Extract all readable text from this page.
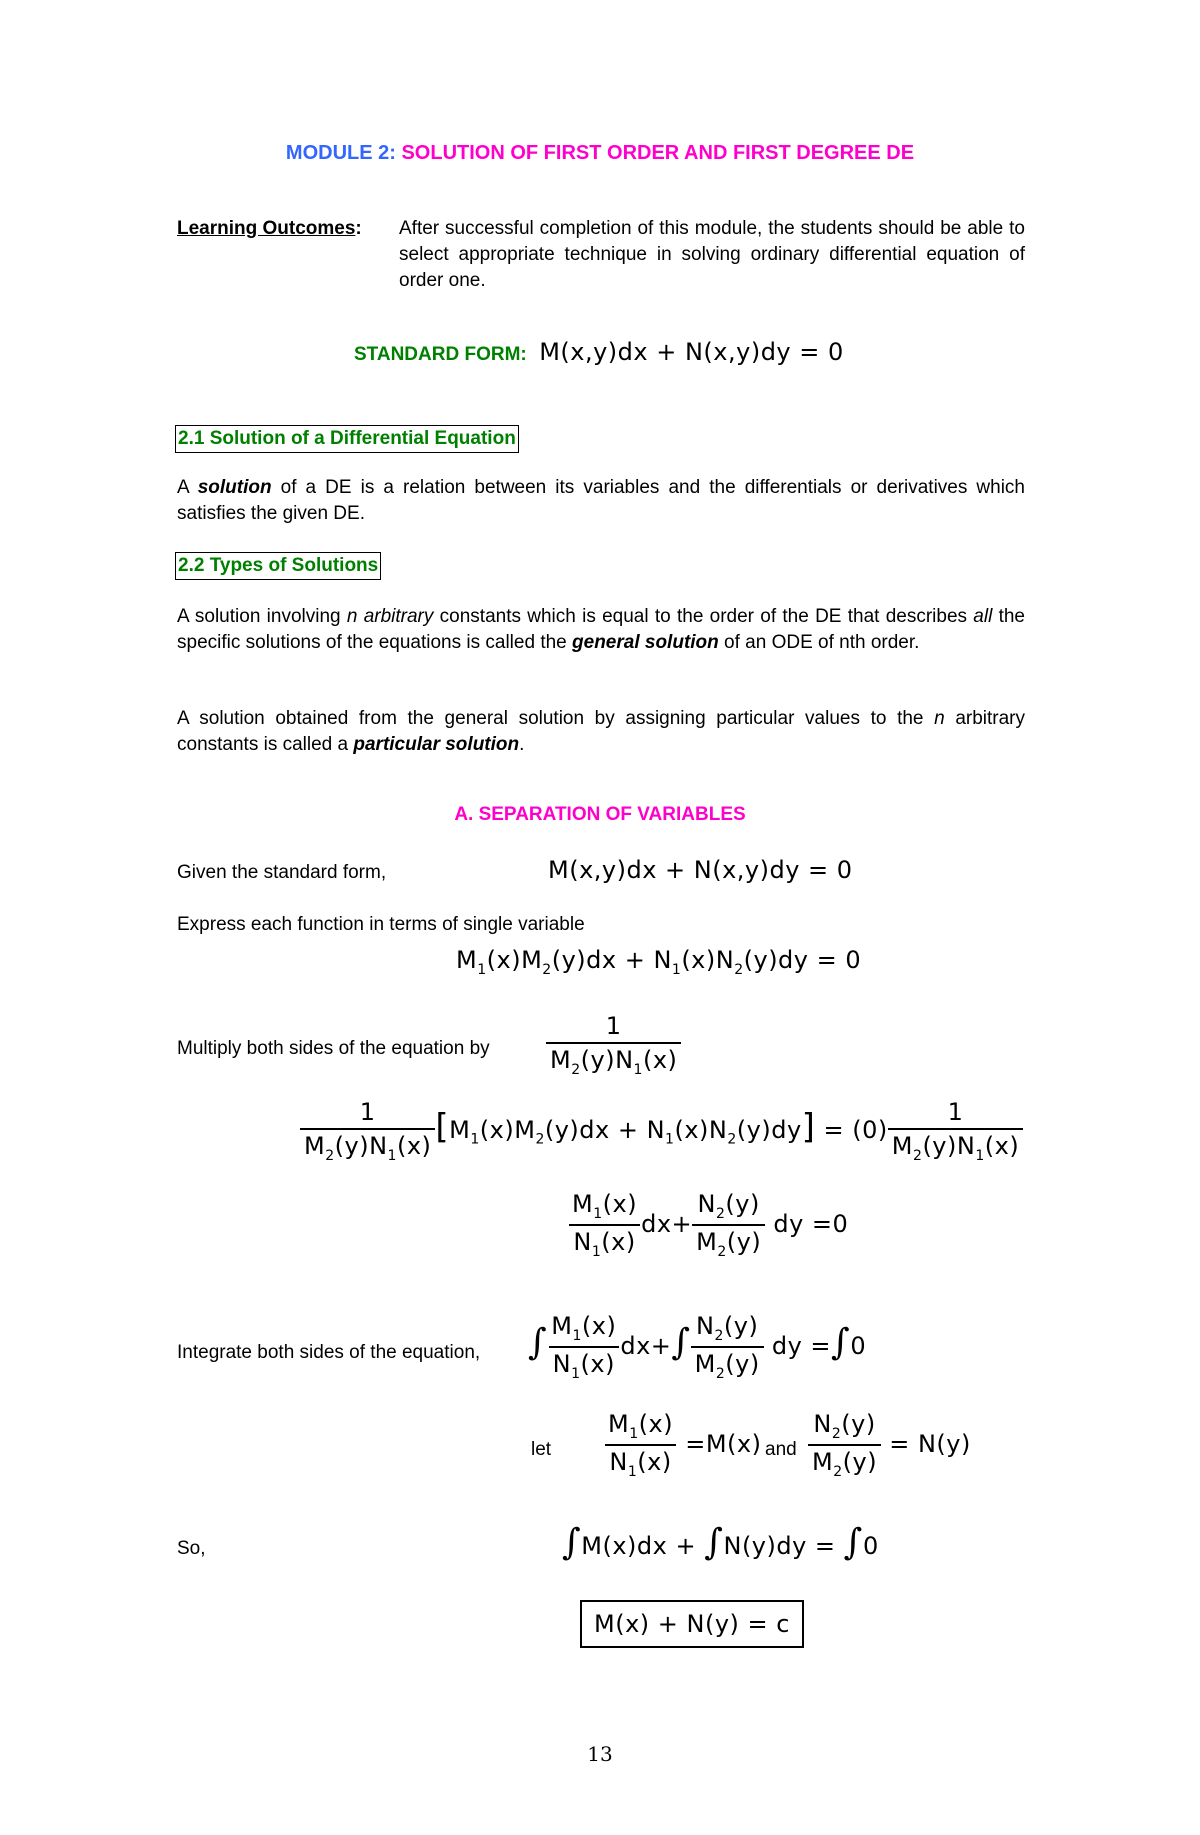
MODULE 2: SOLUTION OF FIRST ORDER AND FIRST DEGREE DE
Learning Outcomes: After successful completion of this module, the students should be able to select appropriate technique in solving ordinary differential equation of order one.
STANDARD FORM: M(x,y)dx + N(x,y)dy = 0
2.1 Solution of a Differential Equation
A solution of a DE is a relation between its variables and the differentials or derivatives which satisfies the given DE.
2.2 Types of Solutions
A solution involving n arbitrary constants which is equal to the order of the DE that describes all the specific solutions of the equations is called the general solution of an ODE of nth order.
A solution obtained from the general solution by assigning particular values to the n arbitrary constants is called a particular solution.
A. SEPARATION OF VARIABLES
Given the standard form,	M(x,y)dx + N(x,y)dy = 0
Express each function in terms of single variable
$M_1(x)M_2(y)dx + N_1(x)N_2(y)dy = 0$
Multiply both sides of the equation by $\frac{1}{M_2(y)N_1(x)}$
$\frac{1}{M_2(y)N_1(x)} [M_1(x)M_2(y)dx + N_1(x)N_2(y)dy] = (0) \frac{1}{M_2(y)N_1(x)}$
$\frac{M_1(x)}{N_1(x)} dx+ \frac{N_2(y)}{M_2(y)}$ dy =0
Integrate both sides of the equation, ∫ $\frac{M_1(x)}{N_1(x)} dx+\int \frac{N_2(y)}{M_2(y)}$ dy =∫0
let $\frac{M_1(x)}{N_1(x)} =M(x)$ and $\frac{N_2(y)}{M_2(y)} = N(y)$
So,	∫M(x)dx + ∫N(y)dy = ∫0
M(x) + N(y) = c
13
